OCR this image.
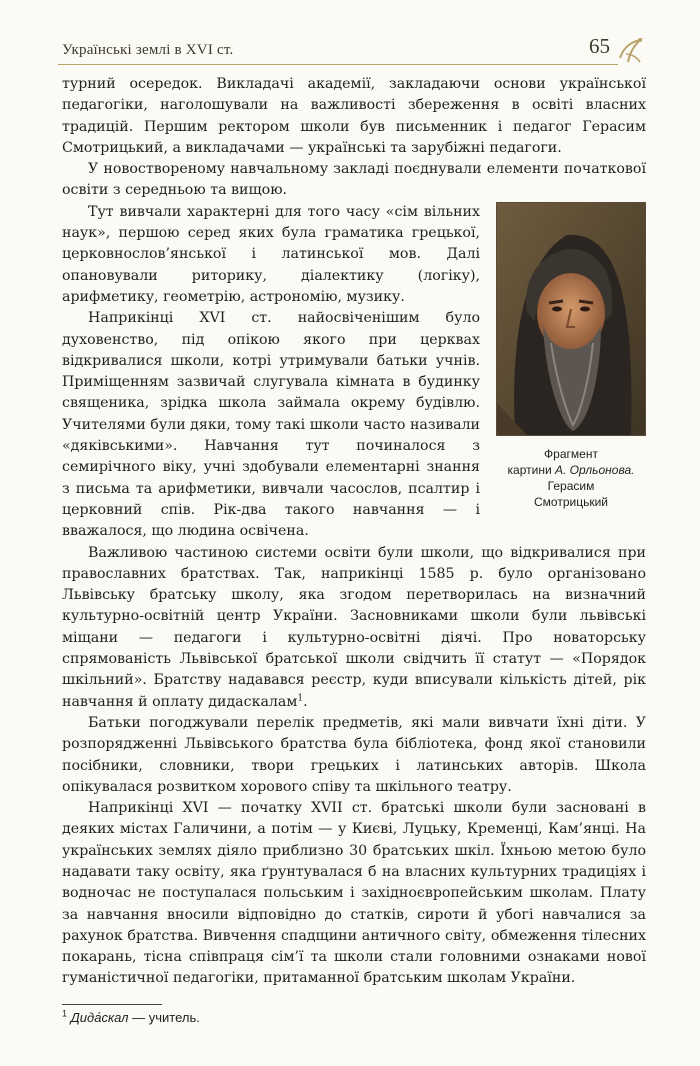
Українські землі в XVI ст.	65

турний осередок. Викладачі академії, закладаючи основи української педагогіки, наголошували на важливості збереження в освіті власних традицій. Першим ректором школи був письменник і педагог Герасим Смотрицький, а викладачами — українські та зарубіжні педагоги.

У новоствореному навчальному закладі поєднували елементи початкової освіти з середньою та вищою.

Фрагмент
картини А. Орльонова.
Герасим
Смотрицький

Тут вивчали характерні для того часу «сім вільних наук», першою серед яких була граматика грецької, церковнослов’янської і латинської мов. Далі опановували риторику, діалектику (логіку), арифметику, геометрію, астрономію, музику.

Наприкінці XVI ст. найосвіченішим було духовенство, під опікою якого при церквах відкривалися школи, котрі утримували батьки учнів. Приміщенням зазвичай слугувала кімната в будинку священика, зрідка школа займала окрему будівлю. Учителями були дяки, тому такі школи часто називали «дяківськими». Навчання тут починалося з семирічного віку, учні здобували елементарні знання з письма та арифметики, вивчали часослов, псалтир і церковний спів. Рік-два такого навчання — і вважалося, що людина освічена.

Важливою частиною системи освіти були школи, що відкривалися при православних братствах. Так, наприкінці 1585 р. було організовано Львівську братську школу, яка згодом перетворилась на визначний культурно-освітній центр України. Засновниками школи були львівські міщани — педагоги і культурно-освітні діячі. Про новаторську спрямованість Львівської братської школи свідчить її статут — «Порядок шкільний». Братству надавався реєстр, куди вписували кількість дітей, рік навчання й оплату дидаскалам$^1$.

Батьки погоджували перелік предметів, які мали вивчати їхні діти. У розпорядженні Львівського братства була бібліотека, фонд якої становили посібники, словники, твори грецьких і латинських авторів. Школа опікувалася розвитком хорового співу та шкільного театру.

Наприкінці XVI — початку XVII ст. братські школи були засновані в деяких містах Галичини, а потім — у Києві, Луцьку, Кременці, Кам’янці. На українських землях діяло приблизно 30 братських шкіл. Їхньою метою було надавати таку освіту, яка ґрунтувалася б на власних культурних традиціях і водночас не поступалася польським і західноєвропейським школам. Плату за навчання вносили відповідно до статків, сироти й убогі навчалися за рахунок братства. Вивчення спадщини античного світу, обмеження тілесних покарань, тісна співпраця сім’ї та школи стали головними ознаками нової гуманістичної педагогіки, притаманної братським школам України.

$^1$ Дида́скал — учитель.
